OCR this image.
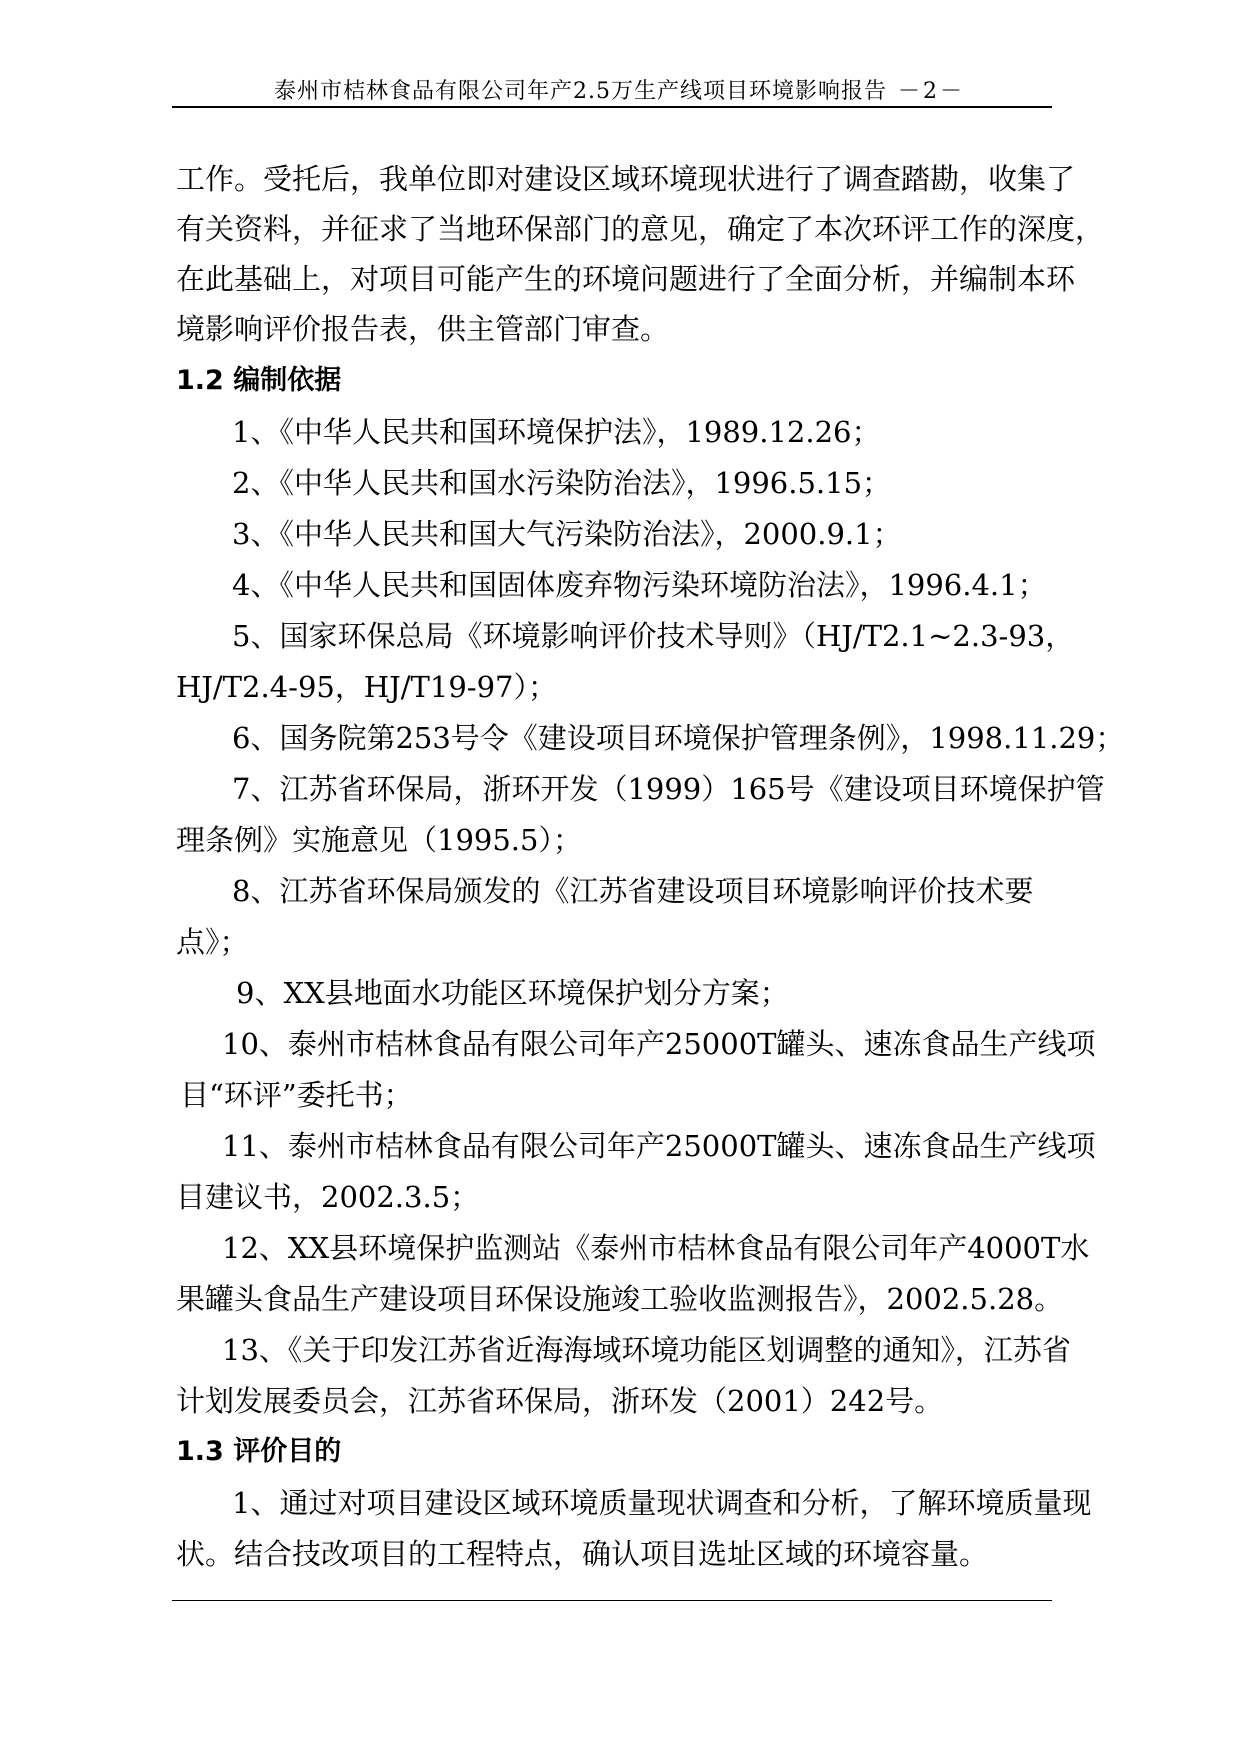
泰州市桔林食品有限公司年产2.5万生产线项目环境影响报告 －2－
工作。受托后，我单位即对建设区域环境现状进行了调查踏勘，收集了
有关资料，并征求了当地环保部门的意见，确定了本次环评工作的深度，
在此基础上，对项目可能产生的环境问题进行了全面分析，并编制本环
境影响评价报告表，供主管部门审查。
1.2 编制依据
1、《中华人民共和国环境保护法》，1989.12.26；
2、《中华人民共和国水污染防治法》，1996.5.15；
3、《中华人民共和国大气污染防治法》，2000.9.1；
4、《中华人民共和国固体废弃物污染环境防治法》，1996.4.1；
5、国家环保总局《环境影响评价技术导则》（HJ/T2.1~2.3-93，
HJ/T2.4-95，HJ/T19-97）；
6、国务院第253号令《建设项目环境保护管理条例》，1998.11.29；
7、江苏省环保局，浙环开发（1999）165号《建设项目环境保护管
理条例》实施意见（1995.5）；
8、江苏省环保局颁发的《江苏省建设项目环境影响评价技术要
点》；
9、XX县地面水功能区环境保护划分方案；
10、泰州市桔林食品有限公司年产25000T罐头、速冻食品生产线项
目“环评”委托书；
11、泰州市桔林食品有限公司年产25000T罐头、速冻食品生产线项
目建议书，2002.3.5；
12、XX县环境保护监测站《泰州市桔林食品有限公司年产4000T水
果罐头食品生产建设项目环保设施竣工验收监测报告》，2002.5.28。
13、《关于印发江苏省近海海域环境功能区划调整的通知》，江苏省
计划发展委员会，江苏省环保局，浙环发（2001）242号。
1.3 评价目的
1、通过对项目建设区域环境质量现状调查和分析，了解环境质量现
状。结合技改项目的工程特点，确认项目选址区域的环境容量。
